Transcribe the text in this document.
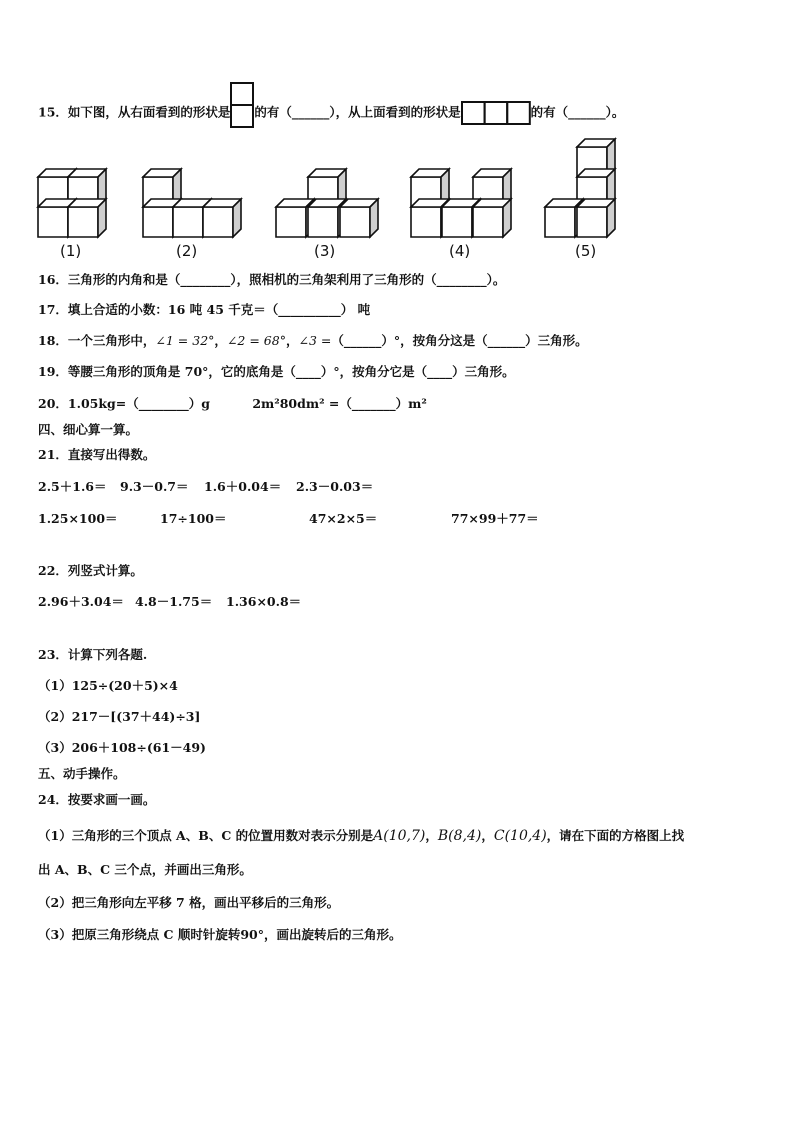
15．如下图，从右面看到的形状是 的有（______），从上面看到的形状是	的有（______）。
(1)	(2)	(3)	(4)	(5)
16．三角形的内角和是（________），照相机的三角架利用了三角形的（________）。
17．填上合适的小数：16 吨 45 千克＝（__________） 吨
18．一个三角形中，∠1 = 32°，∠2 = 68°，∠3 =（______）°，按角分这是（______）三角形。
19．等腰三角形的顶角是 70°，它的底角是（____）°，按角分它是（____）三角形。
20．1.05kg=（________）g	2m²80dm² =（_______）m²
四、细心算一算。
21．直接写出得数。
2.5＋1.6＝ 9.3－0.7＝ 1.6＋0.04＝ 2.3－0.03＝
1.25×100＝	17÷100＝	47×2×5＝	77×99＋77＝
22．列竖式计算。
2.96＋3.04＝ 4.8－1.75＝ 1.36×0.8＝
23．计算下列各题.
（1）125÷(20＋5)×4
（2）217－[(37＋44)÷3]
（3）206＋108÷(61－49)
五、动手操作。
24．按要求画一画。
（1）三角形的三个顶点 A、B、C 的位置用数对表示分别是A(10,7)，B(8,4)，C(10,4)，请在下面的方格图上找
出 A、B、C 三个点，并画出三角形。
（2）把三角形向左平移 7 格，画出平移后的三角形。
（3）把原三角形绕点 C 顺时针旋转90°，画出旋转后的三角形。
